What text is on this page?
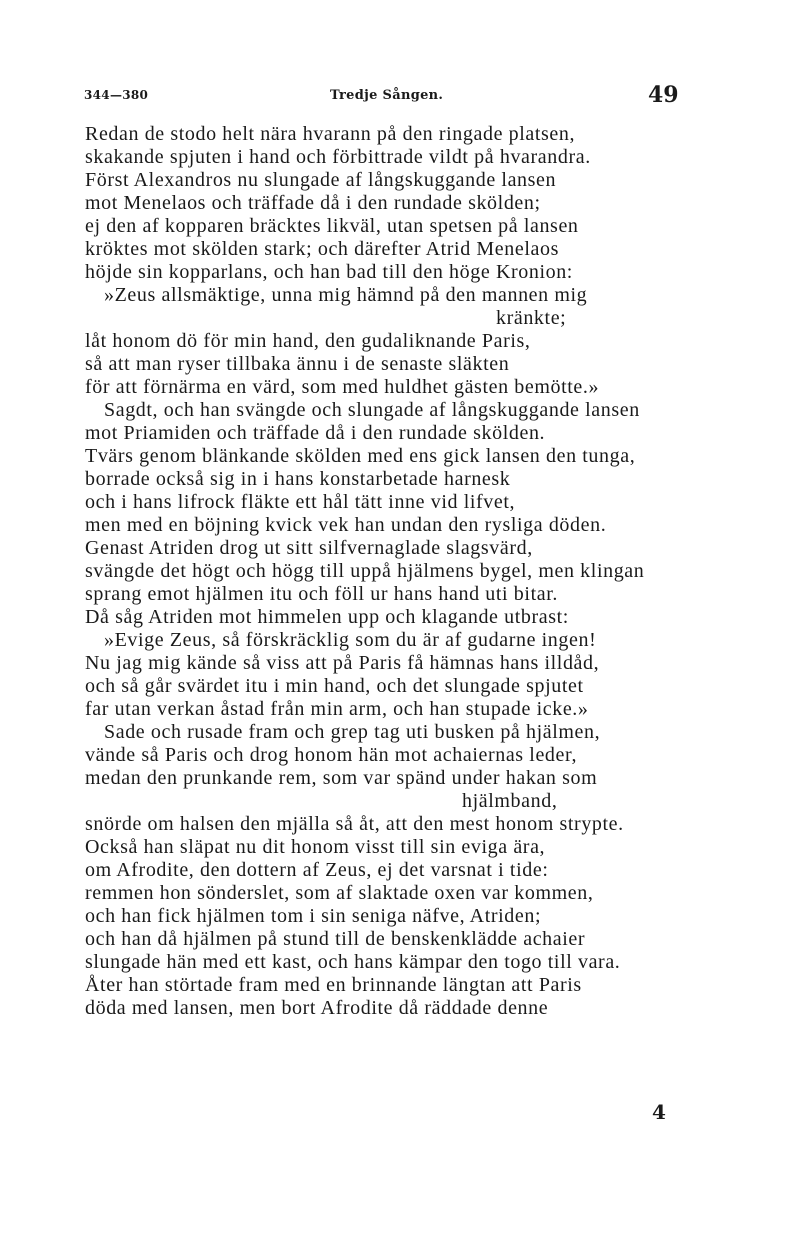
344—380	Tredje Sången.	49
Redan de stodo helt nära hvarann på den ringade platsen,
skakande spjuten i hand och förbittrade vildt på hvarandra.
Först Alexandros nu slungade af långskuggande lansen
mot Menelaos och träffade då i den rundade skölden;
ej den af kopparen bräcktes likväl, utan spetsen på lansen
kröktes mot skölden stark; och därefter Atrid Menelaos
höjde sin kopparlans, och han bad till den höge Kronion:
»Zeus allsmäktige, unna mig hämnd på den mannen mig
kränkte;
låt honom dö för min hand, den gudaliknande Paris,
så att man ryser tillbaka ännu i de senaste släkten
för att förnärma en värd, som med huldhet gästen bemötte.»
Sagdt, och han svängde och slungade af långskuggande lansen
mot Priamiden och träffade då i den rundade skölden.
Tvärs genom blänkande skölden med ens gick lansen den tunga,
borrade också sig in i hans konstarbetade harnesk
och i hans lifrock fläkte ett hål tätt inne vid lifvet,
men med en böjning kvick vek han undan den rysliga döden.
Genast Atriden drog ut sitt silfvernaglade slagsvärd,
svängde det högt och högg till uppå hjälmens bygel, men klingan
sprang emot hjälmen itu och föll ur hans hand uti bitar.
Då såg Atriden mot himmelen upp och klagande utbrast:
»Evige Zeus, så förskräcklig som du är af gudarne ingen!
Nu jag mig kände så viss att på Paris få hämnas hans illdåd,
och så går svärdet itu i min hand, och det slungade spjutet
far utan verkan åstad från min arm, och han stupade icke.»
Sade och rusade fram och grep tag uti busken på hjälmen,
vände så Paris och drog honom hän mot achaiernas leder,
medan den prunkande rem, som var spänd under hakan som
hjälmband,
snörde om halsen den mjälla så åt, att den mest honom strypte.
Också han släpat nu dit honom visst till sin eviga ära,
om Afrodite, den dottern af Zeus, ej det varsnat i tide:
remmen hon sönderslet, som af slaktade oxen var kommen,
och han fick hjälmen tom i sin seniga näfve, Atriden;
och han då hjälmen på stund till de benskenklädde achaier
slungade hän med ett kast, och hans kämpar den togo till vara.
Åter han störtade fram med en brinnande längtan att Paris
döda med lansen, men bort Afrodite då räddade denne
4
